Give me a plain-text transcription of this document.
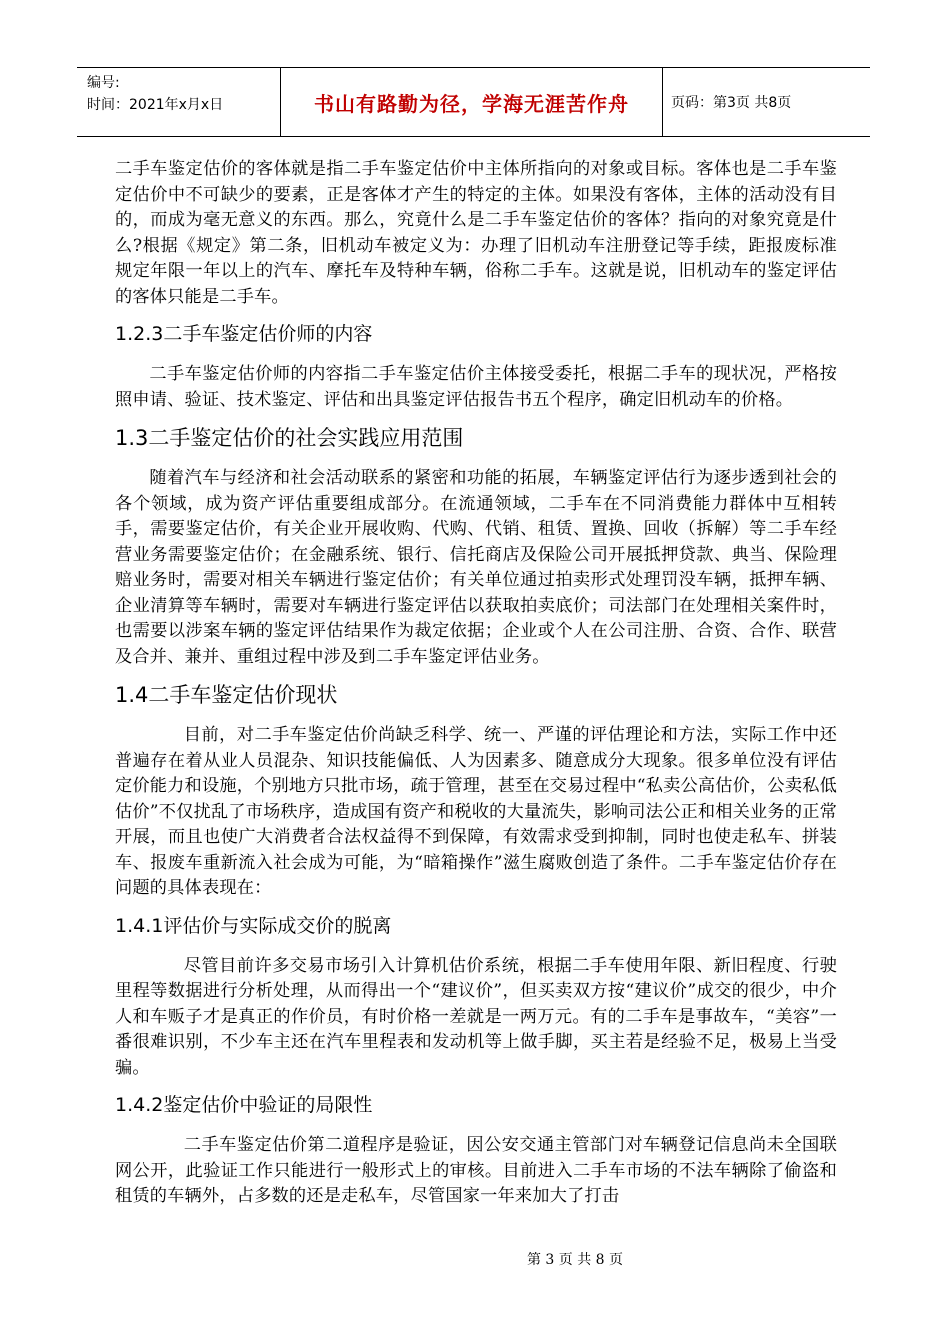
编号:
时间：2021年x月x日	书山有路勤为径，学海无涯苦作舟	页码：第3页 共8页

二手车鉴定估价的客体就是指二手车鉴定估价中主体所指向的对象或目标。客体也是二手车鉴定估价中不可缺少的要素，正是客体才产生的特定的主体。如果没有客体，主体的活动没有目的，而成为毫无意义的东西。那么，究竟什么是二手车鉴定估价的客体？指向的对象究竟是什么?根据《规定》第二条，旧机动车被定义为：办理了旧机动车注册登记等手续，距报废标准规定年限一年以上的汽车、摩托车及特种车辆，俗称二手车。这就是说，旧机动车的鉴定评估的客体只能是二手车。

1.2.3二手车鉴定估价师的内容

二手车鉴定估价师的内容指二手车鉴定估价主体接受委托，根据二手车的现状况，严格按照申请、验证、技术鉴定、评估和出具鉴定评估报告书五个程序，确定旧机动车的价格。

1.3二手鉴定估价的社会实践应用范围

随着汽车与经济和社会活动联系的紧密和功能的拓展，车辆鉴定评估行为逐步透到社会的各个领域，成为资产评估重要组成部分。在流通领域，二手车在不同消费能力群体中互相转手，需要鉴定估价，有关企业开展收购、代购、代销、租赁、置换、回收（拆解）等二手车经营业务需要鉴定估价；在金融系统、银行、信托商店及保险公司开展抵押贷款、典当、保险理赔业务时，需要对相关车辆进行鉴定估价；有关单位通过拍卖形式处理罚没车辆，抵押车辆、企业清算等车辆时，需要对车辆进行鉴定评估以获取拍卖底价；司法部门在处理相关案件时，也需要以涉案车辆的鉴定评估结果作为裁定依据；企业或个人在公司注册、合资、合作、联营及合并、兼并、重组过程中涉及到二手车鉴定评估业务。

1.4二手车鉴定估价现状

目前，对二手车鉴定估价尚缺乏科学、统一、严谨的评估理论和方法，实际工作中还普遍存在着从业人员混杂、知识技能偏低、人为因素多、随意成分大现象。很多单位没有评估定价能力和设施，个别地方只批市场，疏于管理，甚至在交易过程中“私卖公高估价，公卖私低估价”不仅扰乱了市场秩序，造成国有资产和税收的大量流失，影响司法公正和相关业务的正常开展，而且也使广大消费者合法权益得不到保障，有效需求受到抑制，同时也使走私车、拼装车、报废车重新流入社会成为可能，为“暗箱操作”滋生腐败创造了条件。二手车鉴定估价存在问题的具体表现在：

1.4.1评估价与实际成交价的脱离

尽管目前许多交易市场引入计算机估价系统，根据二手车使用年限、新旧程度、行驶里程等数据进行分析处理，从而得出一个“建议价”，但买卖双方按“建议价”成交的很少，中介人和车贩子才是真正的作价员，有时价格一差就是一两万元。有的二手车是事故车，“美容”一番很难识别，不少车主还在汽车里程表和发动机等上做手脚，买主若是经验不足，极易上当受骗。

1.4.2鉴定估价中验证的局限性

二手车鉴定估价第二道程序是验证，因公安交通主管部门对车辆登记信息尚未全国联网公开，此验证工作只能进行一般形式上的审核。目前进入二手车市场的不法车辆除了偷盗和租赁的车辆外，占多数的还是走私车，尽管国家一年来加大了打击

第 3 页 共 8 页
